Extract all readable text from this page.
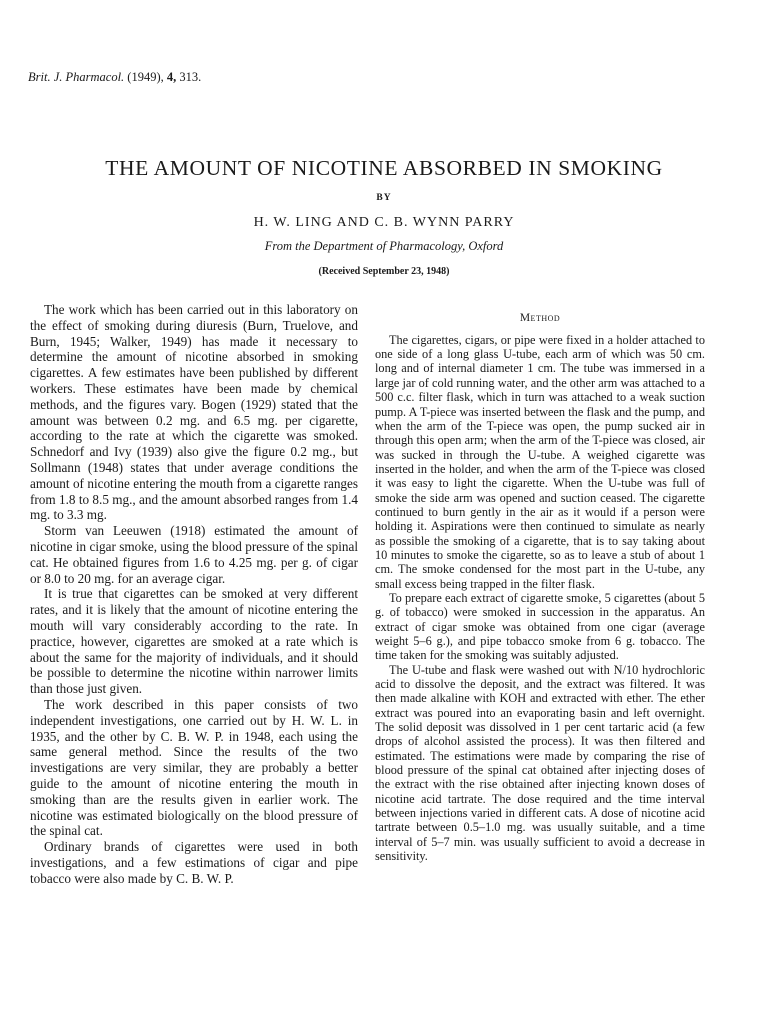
Brit. J. Pharmacol. (1949), 4, 313.
THE AMOUNT OF NICOTINE ABSORBED IN SMOKING
BY
H. W. LING AND C. B. WYNN PARRY
From the Department of Pharmacology, Oxford
(Received September 23, 1948)

The work which has been carried out in this laboratory on the effect of smoking during diuresis (Burn, Truelove, and Burn, 1945; Walker, 1949) has made it necessary to determine the amount of nicotine absorbed in smoking cigarettes. A few estimates have been published by different workers. These estimates have been made by chemical methods, and the figures vary. Bogen (1929) stated that the amount was between 0.2 mg. and 6.5 mg. per cigarette, according to the rate at which the cigarette was smoked. Schnedorf and Ivy (1939) also give the figure 0.2 mg., but Sollmann (1948) states that under average conditions the amount of nicotine entering the mouth from a cigarette ranges from 1.8 to 8.5 mg., and the amount absorbed ranges from 1.4 mg. to 3.3 mg.

Storm van Leeuwen (1918) estimated the amount of nicotine in cigar smoke, using the blood pressure of the spinal cat. He obtained figures from 1.6 to 4.25 mg. per g. of cigar or 8.0 to 20 mg. for an average cigar.

It is true that cigarettes can be smoked at very different rates, and it is likely that the amount of nicotine entering the mouth will vary considerably according to the rate. In practice, however, cigarettes are smoked at a rate which is about the same for the majority of individuals, and it should be possible to determine the nicotine within narrower limits than those just given.

The work described in this paper consists of two independent investigations, one carried out by H. W. L. in 1935, and the other by C. B. W. P. in 1948, each using the same general method. Since the results of the two investigations are very similar, they are probably a better guide to the amount of nicotine entering the mouth in smoking than are the results given in earlier work. The nicotine was estimated biologically on the blood pressure of the spinal cat.

Ordinary brands of cigarettes were used in both investigations, and a few estimations of cigar and pipe tobacco were also made by C. B. W. P.

Method

The cigarettes, cigars, or pipe were fixed in a holder attached to one side of a long glass U-tube, each arm of which was 50 cm. long and of internal diameter 1 cm. The tube was immersed in a large jar of cold running water, and the other arm was attached to a 500 c.c. filter flask, which in turn was attached to a weak suction pump. A T-piece was inserted between the flask and the pump, and when the arm of the T-piece was open, the pump sucked air in through this open arm; when the arm of the T-piece was closed, air was sucked in through the U-tube. A weighed cigarette was inserted in the holder, and when the arm of the T-piece was closed it was easy to light the cigarette. When the U-tube was full of smoke the side arm was opened and suction ceased. The cigarette continued to burn gently in the air as it would if a person were holding it. Aspirations were then continued to simulate as nearly as possible the smoking of a cigarette, that is to say taking about 10 minutes to smoke the cigarette, so as to leave a stub of about 1 cm. The smoke condensed for the most part in the U-tube, any small excess being trapped in the filter flask.

To prepare each extract of cigarette smoke, 5 cigarettes (about 5 g. of tobacco) were smoked in succession in the apparatus. An extract of cigar smoke was obtained from one cigar (average weight 5–6 g.), and pipe tobacco smoke from 6 g. tobacco. The time taken for the smoking was suitably adjusted.

The U-tube and flask were washed out with N/10 hydrochloric acid to dissolve the deposit, and the extract was filtered. It was then made alkaline with KOH and extracted with ether. The ether extract was poured into an evaporating basin and left overnight. The solid deposit was dissolved in 1 per cent tartaric acid (a few drops of alcohol assisted the process). It was then filtered and estimated. The estimations were made by comparing the rise of blood pressure of the spinal cat obtained after injecting doses of the extract with the rise obtained after injecting known doses of nicotine acid tartrate. The dose required and the time interval between injections varied in different cats. A dose of nicotine acid tartrate between 0.5–1.0 mg. was usually suitable, and a time interval of 5–7 min. was usually sufficient to avoid a decrease in sensitivity.
